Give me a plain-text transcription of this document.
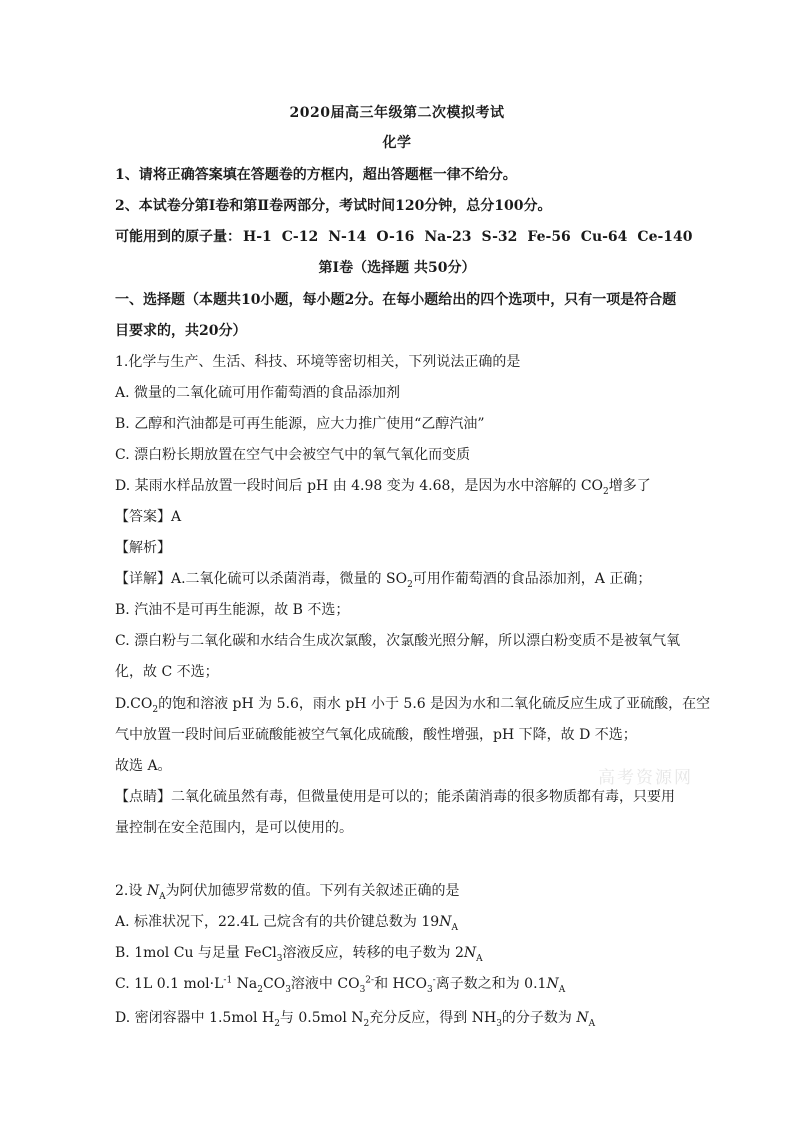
2020届高三年级第二次模拟考试
化学
1、请将正确答案填在答题卷的方框内，超出答题框一律不给分。
2、本试卷分第Ⅰ卷和第Ⅱ卷两部分，考试时间120分钟，总分100分。
可能用到的原子量： H-1 C-12 N-14 O-16 Na-23 S-32 Fe-56 Cu-64 Ce-140
第Ⅰ卷（选择题 共50分）
一、选择题（本题共10小题，每小题2分。在每小题给出的四个选项中，只有一项是符合题
目要求的，共20分）
1.化学与生产、生活、科技、环境等密切相关，下列说法正确的是
A. 微量的二氧化硫可用作葡萄酒的食品添加剂
B. 乙醇和汽油都是可再生能源，应大力推广使用“乙醇汽油”
C. 漂白粉长期放置在空气中会被空气中的氧气氧化而变质
D. 某雨水样品放置一段时间后 pH 由 4.98 变为 4.68，是因为水中溶解的 $CO_2$增多了
【答案】A
【解析】
【详解】A.二氧化硫可以杀菌消毒，微量的 $SO_2$可用作葡萄酒的食品添加剂，A 正确；
B. 汽油不是可再生能源，故 B 不选；
C. 漂白粉与二氧化碳和水结合生成次氯酸，次氯酸光照分解，所以漂白粉变质不是被氧气氧
化，故 C 不选；
$D.CO_2$的饱和溶液 pH 为 5.6，雨水 pH 小于 5.6 是因为水和二氧化硫反应生成了亚硫酸，在空
气中放置一段时间后亚硫酸能被空气氧化成硫酸，酸性增强，pH 下降，故 D 不选；
故选 A。
【点睛】二氧化硫虽然有毒，但微量使用是可以的；能杀菌消毒的很多物质都有毒，只要用
量控制在安全范围内，是可以使用的。
高考资源网
2.设 $N_A$为阿伏加德罗常数的值。下列有关叙述正确的是
A. 标准状况下，22.4L 己烷含有的共价键总数为 $19N_A$
B. 1mol Cu 与足量 FeCl$_3$溶液反应，转移的电子数为 $2N_A$
C. 1L 0.1 $mol\cdot L^{-1}$ $Na_2CO_3$溶液中 $CO_3^{2-}$和 $HCO_3^-$离子数之和为 $0.1N_A$
D. 密闭容器中 1.5mol $H_2$与 0.5mol $N_2$充分反应，得到 $NH_3$的分子数为 $N_A$
